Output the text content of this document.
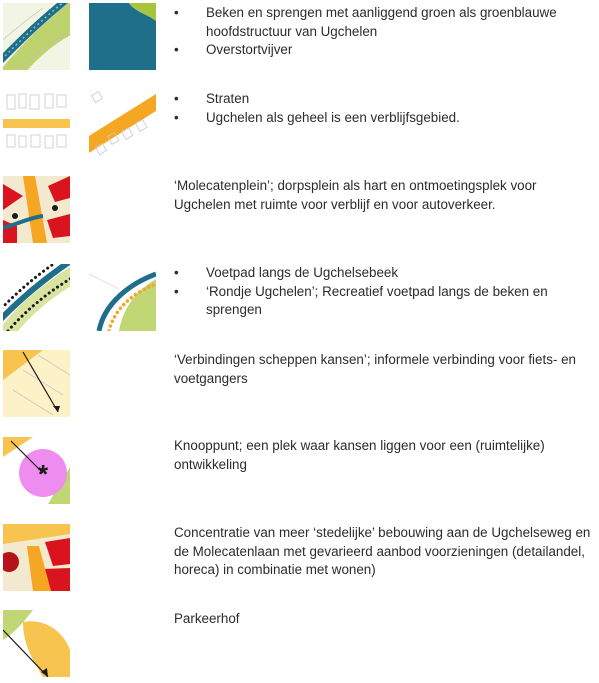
• Beken en sprengen met aanliggend groen als groenblauwe hoofdstructuur van Ugchelen
• Overstortvijver
• Straten
• Ugchelen als geheel is een verblijfsgebied.
‘Molecatenplein’; dorpsplein als hart en ontmoetingsplek voor Ugchelen met ruimte voor verblijf en voor autoverkeer.
• Voetpad langs de Ugchelsebeek
• ‘Rondje Ugchelen’; Recreatief voetpad langs de beken en sprengen
‘Verbindingen scheppen kansen’; informele verbinding voor fiets- en voetgangers
*
Knooppunt; een plek waar kansen liggen voor een (ruimtelijke) ontwikkeling
Concentratie van meer ‘stedelijke’ bebouwing aan de Ugchelseweg en de Molecatenlaan met gevarieerd aanbod voorzieningen (detailandel, horeca) in combinatie met wonen)
Parkeerhof
